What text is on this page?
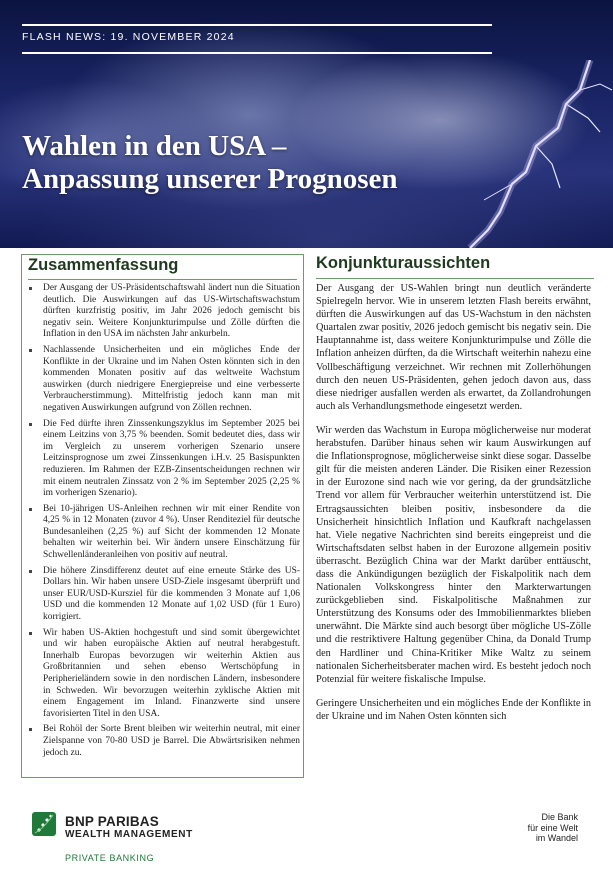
FLASH NEWS: 19. NOVEMBER 2024
Wahlen in den USA –
Anpassung unserer Prognosen
Zusammenfassung
Der Ausgang der US-Präsidentschaftswahl ändert nun die Situation deutlich. Die Auswirkungen auf das US-Wirtschaftswachstum dürften kurzfristig positiv, im Jahr 2026 jedoch gemischt bis negativ sein. Weitere Konjunkturimpulse und Zölle dürften die Inflation in den USA im nächsten Jahr ankurbeln.
Nachlassende Unsicherheiten und ein mögliches Ende der Konflikte in der Ukraine und im Nahen Osten könnten sich in den kommenden Monaten positiv auf das weltweite Wachstum auswirken (durch niedrigere Energiepreise und eine verbesserte Verbraucherstimmung). Mittelfristig jedoch kann man mit negativen Auswirkungen aufgrund von Zöllen rechnen.
Die Fed dürfte ihren Zinssenkungszyklus im September 2025 bei einem Leitzins von 3,75 % beenden. Somit bedeutet dies, dass wir im Vergleich zu unserem vorherigen Szenario unsere Leitzinsprognose um zwei Zinssenkungen i.H.v. 25 Basispunkten reduzieren. Im Rahmen der EZB-Zinsentscheidungen rechnen wir mit einem neutralen Zinssatz von 2 % im September 2025 (2,25 % im vorherigen Szenario).
Bei 10-jährigen US-Anleihen rechnen wir mit einer Rendite von 4,25 % in 12 Monaten (zuvor 4 %). Unser Renditeziel für deutsche Bundesanleihen (2,25 %) auf Sicht der kommenden 12 Monate behalten wir weiterhin bei. Wir ändern unsere Einschätzung für Schwellenländeranleihen von positiv auf neutral.
Die höhere Zinsdifferenz deutet auf eine erneute Stärke des US-Dollars hin. Wir haben unsere USD-Ziele insgesamt überprüft und unser EUR/USD-Kursziel für die kommenden 3 Monate auf 1,06 USD und die kommenden 12 Monate auf 1,02 USD (für 1 Euro) korrigiert.
Wir haben US-Aktien hochgestuft und sind somit übergewichtet und wir haben europäische Aktien auf neutral herabgestuft. Innerhalb Europas bevorzugen wir weiterhin Aktien aus Großbritannien und sehen ebenso Wertschöpfung in Peripherieländern sowie in den nordischen Ländern, insbesondere in Schweden. Wir bevorzugen weiterhin zyklische Aktien mit einem Engagement im Inland. Finanzwerte sind unsere favorisierten Titel in den USA.
Bei Rohöl der Sorte Brent bleiben wir weiterhin neutral, mit einer Zielspanne von 70-80 USD je Barrel. Die Abwärtsrisiken nehmen jedoch zu.
Konjunkturaussichten

Der Ausgang der US-Wahlen bringt nun deutlich veränderte Spielregeln hervor. Wie in unserem letzten Flash bereits erwähnt, dürften die Auswirkungen auf das US-Wachstum in den nächsten Quartalen zwar positiv, 2026 jedoch gemischt bis negativ sein. Die Hauptannahme ist, dass weitere Konjunkturimpulse und Zölle die Inflation anheizen dürften, da die Wirtschaft weiterhin nahezu eine Vollbeschäftigung verzeichnet. Wir rechnen mit Zollerhöhungen durch den neuen US-Präsidenten, gehen jedoch davon aus, dass diese niedriger ausfallen werden als erwartet, da Zollandrohungen auch als Verhandlungsmethode eingesetzt werden.

Wir werden das Wachstum in Europa möglicherweise nur moderat herabstufen. Darüber hinaus sehen wir kaum Auswirkungen auf die Inflationsprognose, möglicherweise sinkt diese sogar. Dasselbe gilt für die meisten anderen Länder. Die Risiken einer Rezession in der Eurozone sind nach wie vor gering, da der grundsätzliche Trend vor allem für Verbraucher weiterhin unterstützend ist. Die Ertragsaussichten bleiben positiv, insbesondere da die Unsicherheit hinsichtlich Inflation und Kaufkraft nachgelassen hat. Viele negative Nachrichten sind bereits eingepreist und die Wirtschaftsdaten selbst haben in der Eurozone allgemein positiv überrascht. Bezüglich China war der Markt darüber enttäuscht, dass die Ankündigungen bezüglich der Fiskalpolitik nach dem Nationalen Volkskongress hinter den Markterwartungen zurückgeblieben sind. Fiskalpolitische Maßnahmen zur Unterstützung des Konsums oder des Immobilienmarktes blieben unerwähnt. Die Märkte sind auch besorgt über mögliche US-Zölle und die restriktivere Haltung gegenüber China, da Donald Trump den Hardliner und China-Kritiker Mike Waltz zu seinem nationalen Sicherheitsberater machen wird. Es besteht jedoch noch Potenzial für weitere fiskalische Impulse.

Geringere Unsicherheiten und ein mögliches Ende der Konflikte in der Ukraine und im Nahen Osten könnten sich

BNP PARIBAS
WEALTH MANAGEMENT
PRIVATE BANKING
Die Bank
für eine Welt
im Wandel
